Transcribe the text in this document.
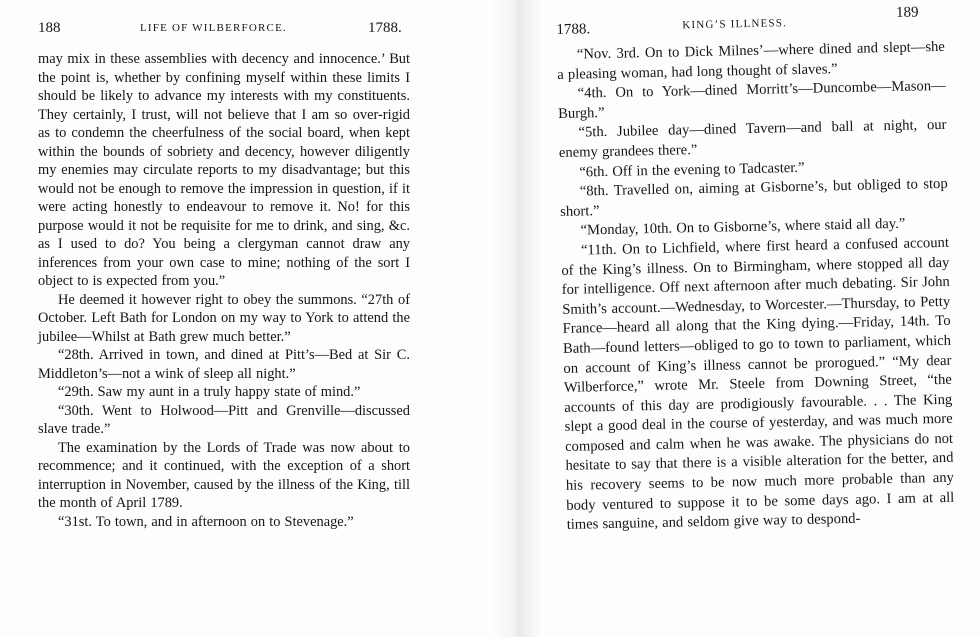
188	LIFE OF WILBERFORCE.	1788.

may mix in these assemblies with decency and innocence.’ But the point is, whether by confining myself within these limits I should be likely to advance my interests with my constituents. They certainly, I trust, will not believe that I am so over-rigid as to condemn the cheerfulness of the social board, when kept within the bounds of sobriety and decency, however diligently my enemies may circulate reports to my disadvantage; but this would not be enough to remove the impression in question, if it were acting honestly to endeavour to remove it. No! for this purpose would it not be requisite for me to drink, and sing, &c. as I used to do? You being a clergyman cannot draw any inferences from your own case to mine; nothing of the sort I object to is expected from you.”

He deemed it however right to obey the summons. “27th of October. Left Bath for London on my way to York to attend the jubilee—Whilst at Bath grew much better.”

“28th. Arrived in town, and dined at Pitt’s—Bed at Sir C. Middleton’s—not a wink of sleep all night.”

“29th. Saw my aunt in a truly happy state of mind.”

“30th. Went to Holwood—Pitt and Grenville—discussed slave trade.”

The examination by the Lords of Trade was now about to recommence; and it continued, with the exception of a short interruption in November, caused by the illness of the King, till the month of April 1789.

“31st. To town, and in afternoon on to Stevenage.”

1788.	KING’S ILLNESS.
189

“Nov. 3rd. On to Dick Milnes’—where dined and slept—she a pleasing woman, had long thought of slaves.”

“4th. On to York—dined Morritt’s—Duncombe—Mason—Burgh.”

“5th. Jubilee day—dined Tavern—and ball at night, our enemy grandees there.”

“6th. Off in the evening to Tadcaster.”

“8th. Travelled on, aiming at Gisborne’s, but obliged to stop short.”

“Monday, 10th. On to Gisborne’s, where staid all day.”

“11th. On to Lichfield, where first heard a confused account of the King’s illness. On to Birmingham, where stopped all day for intelligence. Off next afternoon after much debating. Sir John Smith’s account.—Wednesday, to Worcester.—Thursday, to Petty France—heard all along that the King dying.—Friday, 14th. To Bath—found letters—obliged to go to town to parliament, which on account of King’s illness cannot be prorogued.” “My dear Wilberforce,” wrote Mr. Steele from Downing Street, “the accounts of this day are prodigiously favourable. . . The King slept a good deal in the course of yesterday, and was much more composed and calm when he was awake. The physicians do not hesitate to say that there is a visible alteration for the better, and his recovery seems to be now much more probable than any body ventured to suppose it to be some days ago. I am at all times sanguine, and seldom give way to despond-
